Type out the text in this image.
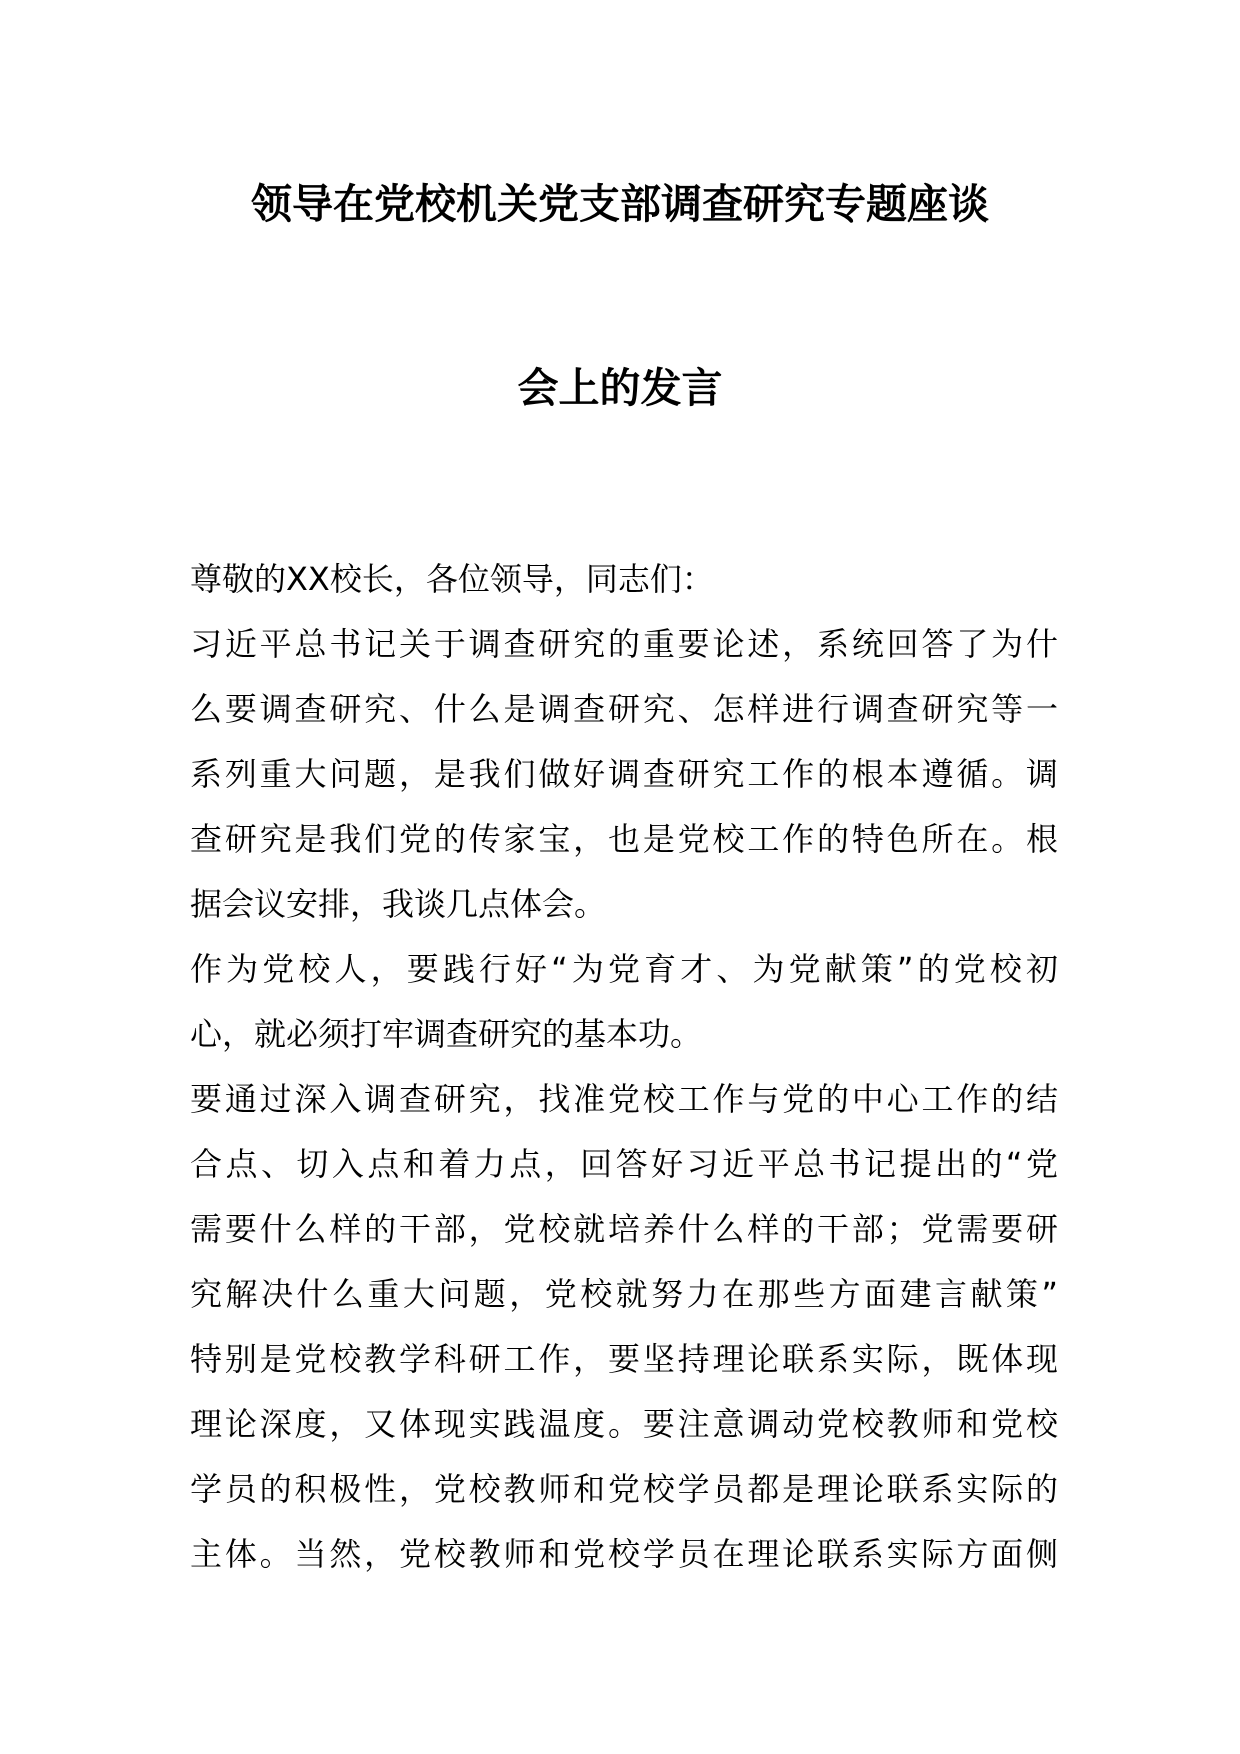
领导在党校机关党支部调查研究专题座谈
会上的发言
尊敬的XX校长，各位领导，同志们：
习近平总书记关于调查研究的重要论述，系统回答了为什
么要调查研究、什么是调查研究、怎样进行调查研究等一
系列重大问题，是我们做好调查研究工作的根本遵循。调
查研究是我们党的传家宝，也是党校工作的特色所在。根
据会议安排，我谈几点体会。
作为党校人，要践行好“为党育才、为党献策”的党校初
心，就必须打牢调查研究的基本功。
要通过深入调查研究，找准党校工作与党的中心工作的结
合点、切入点和着力点，回答好习近平总书记提出的“党
需要什么样的干部，党校就培养什么样的干部；党需要研
究解决什么重大问题，党校就努力在那些方面建言献策”
特别是党校教学科研工作，要坚持理论联系实际，既体现
理论深度，又体现实践温度。要注意调动党校教师和党校
学员的积极性，党校教师和党校学员都是理论联系实际的
主体。当然，党校教师和党校学员在理论联系实际方面侧
